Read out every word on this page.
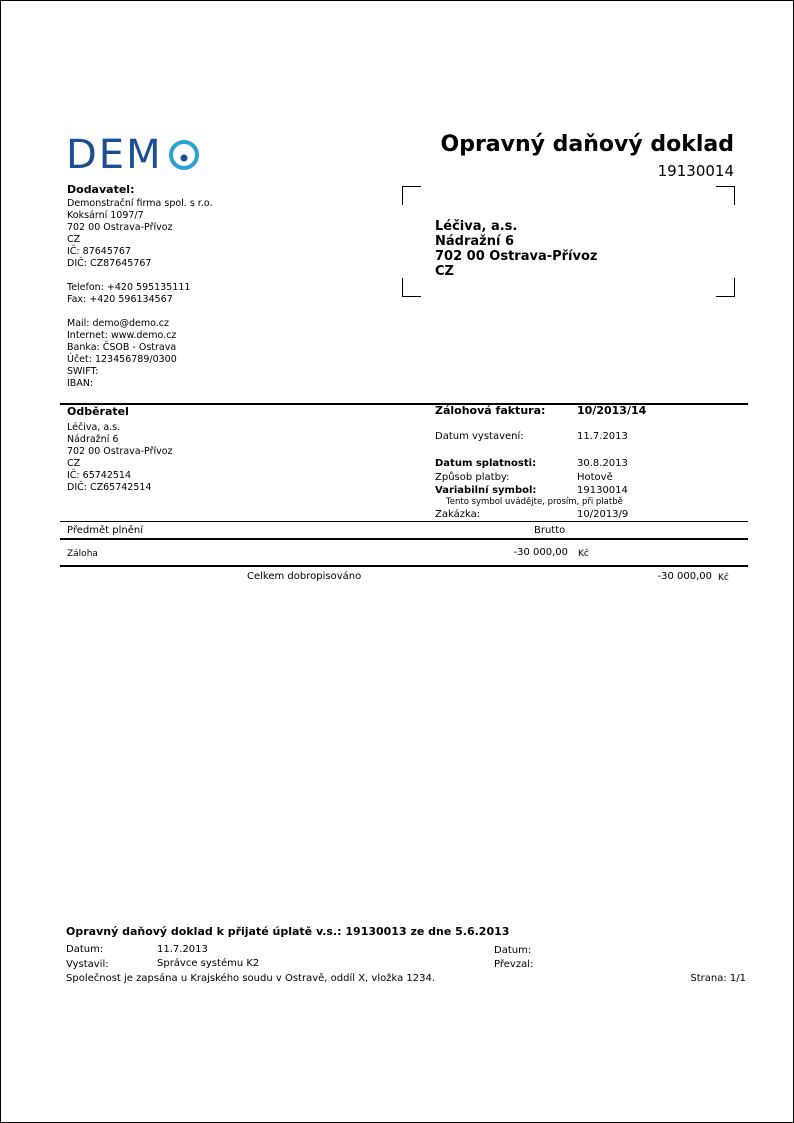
DEM	Opravný daňový doklad
19130014
Dodavatel:
Demonstrační firma spol. s r.o.
Koksární 1097/7
702 00 Ostrava-Přívoz
CZ
IČ: 87645767
DIČ: CZ87645767
Telefon: +420 595135111
Fax: +420 596134567
Mail: demo@demo.cz
Internet: www.demo.cz
Banka: ČSOB - Ostrava
Účet: 123456789/0300
SWIFT:
IBAN:
Léčiva, a.s.
Nádražní 6
702 00 Ostrava-Přívoz
CZ
Odběratel
Léčiva, a.s.
Nádražní 6
702 00 Ostrava-Přívoz
CZ
IČ: 65742514
DIČ: CZ65742514
Zálohová faktura:	10/2013/14
Datum vystavení:	11.7.2013
Datum splatnosti:	30.8.2013
Způsob platby:	Hotově
Variabilní symbol:	19130014
Tento symbol uvádějte, prosím, při platbě
Zakázka:	10/2013/9
Předmět plnění	Brutto
Záloha	-30 000,00 Kč
Celkem dobropisováno	-30 000,00 Kč
Opravný daňový doklad k přijaté úplatě v.s.: 19130013 ze dne 5.6.2013
Datum:	11.7.2013	Datum:
Vystavil:	Správce systému K2	Převzal:
Společnost je zapsána u Krajského soudu v Ostravě, oddíl X, vložka 1234.	Strana: 1/1
